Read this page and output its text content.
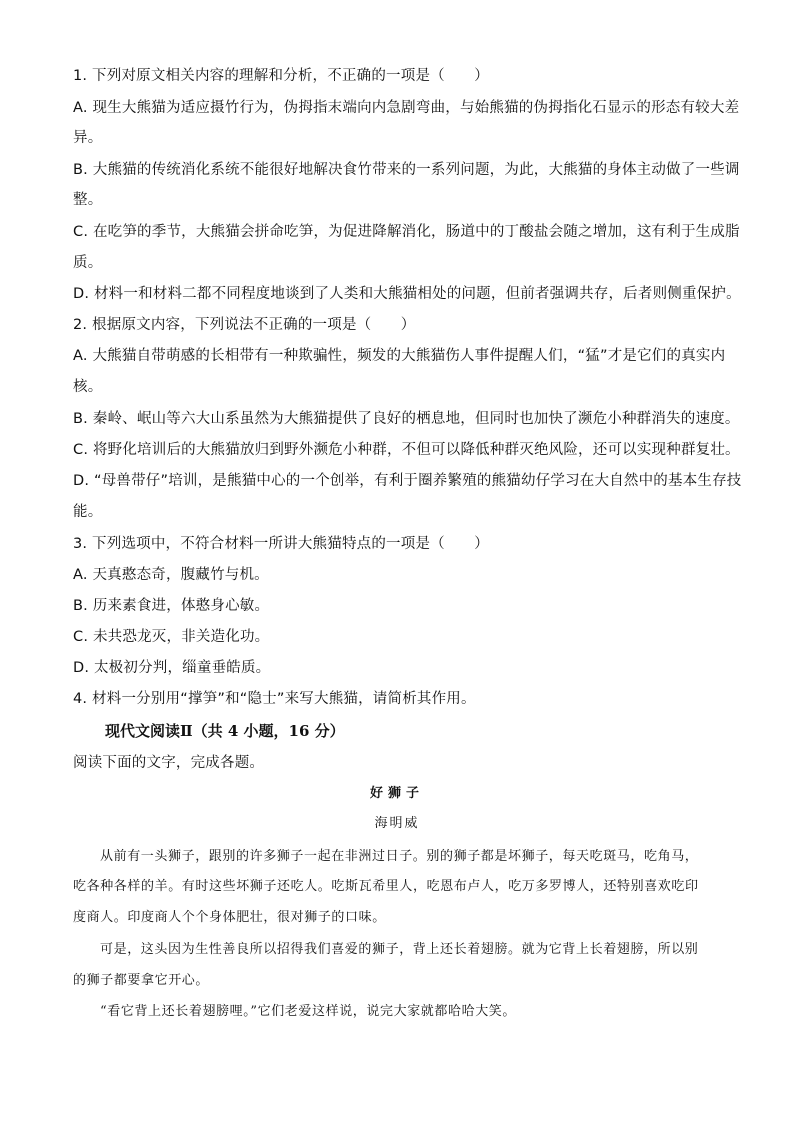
1. 下列对原文相关内容的理解和分析，不正确的一项是（　　）
A. 现生大熊猫为适应摄竹行为，伪拇指末端向内急剧弯曲，与始熊猫的伪拇指化石显示的形态有较大差
异。
B. 大熊猫的传统消化系统不能很好地解决食竹带来的一系列问题，为此，大熊猫的身体主动做了一些调
整。
C. 在吃笋的季节，大熊猫会拼命吃笋，为促进降解消化，肠道中的丁酸盐会随之增加，这有利于生成脂
质。
D. 材料一和材料二都不同程度地谈到了人类和大熊猫相处的问题，但前者强调共存，后者则侧重保护。
2. 根据原文内容，下列说法不正确的一项是（　　）
A. 大熊猫自带萌感的长相带有一种欺骗性，频发的大熊猫伤人事件提醒人们，“猛”才是它们的真实内
核。
B. 秦岭、岷山等六大山系虽然为大熊猫提供了良好的栖息地，但同时也加快了濒危小种群消失的速度。
C. 将野化培训后的大熊猫放归到野外濒危小种群，不但可以降低种群灭绝风险，还可以实现种群复壮。
D. “母兽带仔”培训，是熊猫中心的一个创举，有利于圈养繁殖的熊猫幼仔学习在大自然中的基本生存技
能。
3. 下列选项中，不符合材料一所讲大熊猫特点的一项是（　　）
A. 天真憨态奇，腹藏竹与机。
B. 历来素食进，体憨身心敏。
C. 未共恐龙灭，非关造化功。
D. 太极初分判，缁童垂皓质。
4. 材料一分别用“撑笋”和“隐士”来写大熊猫，请简析其作用。
现代文阅读Ⅱ（共 4 小题，16 分）
阅读下面的文字，完成各题。
好狮子
海明威
从前有一头狮子，跟别的许多狮子一起在非洲过日子。别的狮子都是坏狮子，每天吃斑马，吃角马，
吃各种各样的羊。有时这些坏狮子还吃人。吃斯瓦希里人，吃恩布卢人，吃万多罗博人，还特别喜欢吃印
度商人。印度商人个个身体肥壮，很对狮子的口味。
可是，这头因为生性善良所以招得我们喜爱的狮子，背上还长着翅膀。就为它背上长着翅膀，所以别
的狮子都要拿它开心。
“看它背上还长着翅膀哩。”它们老爱这样说，说完大家就都哈哈大笑。
